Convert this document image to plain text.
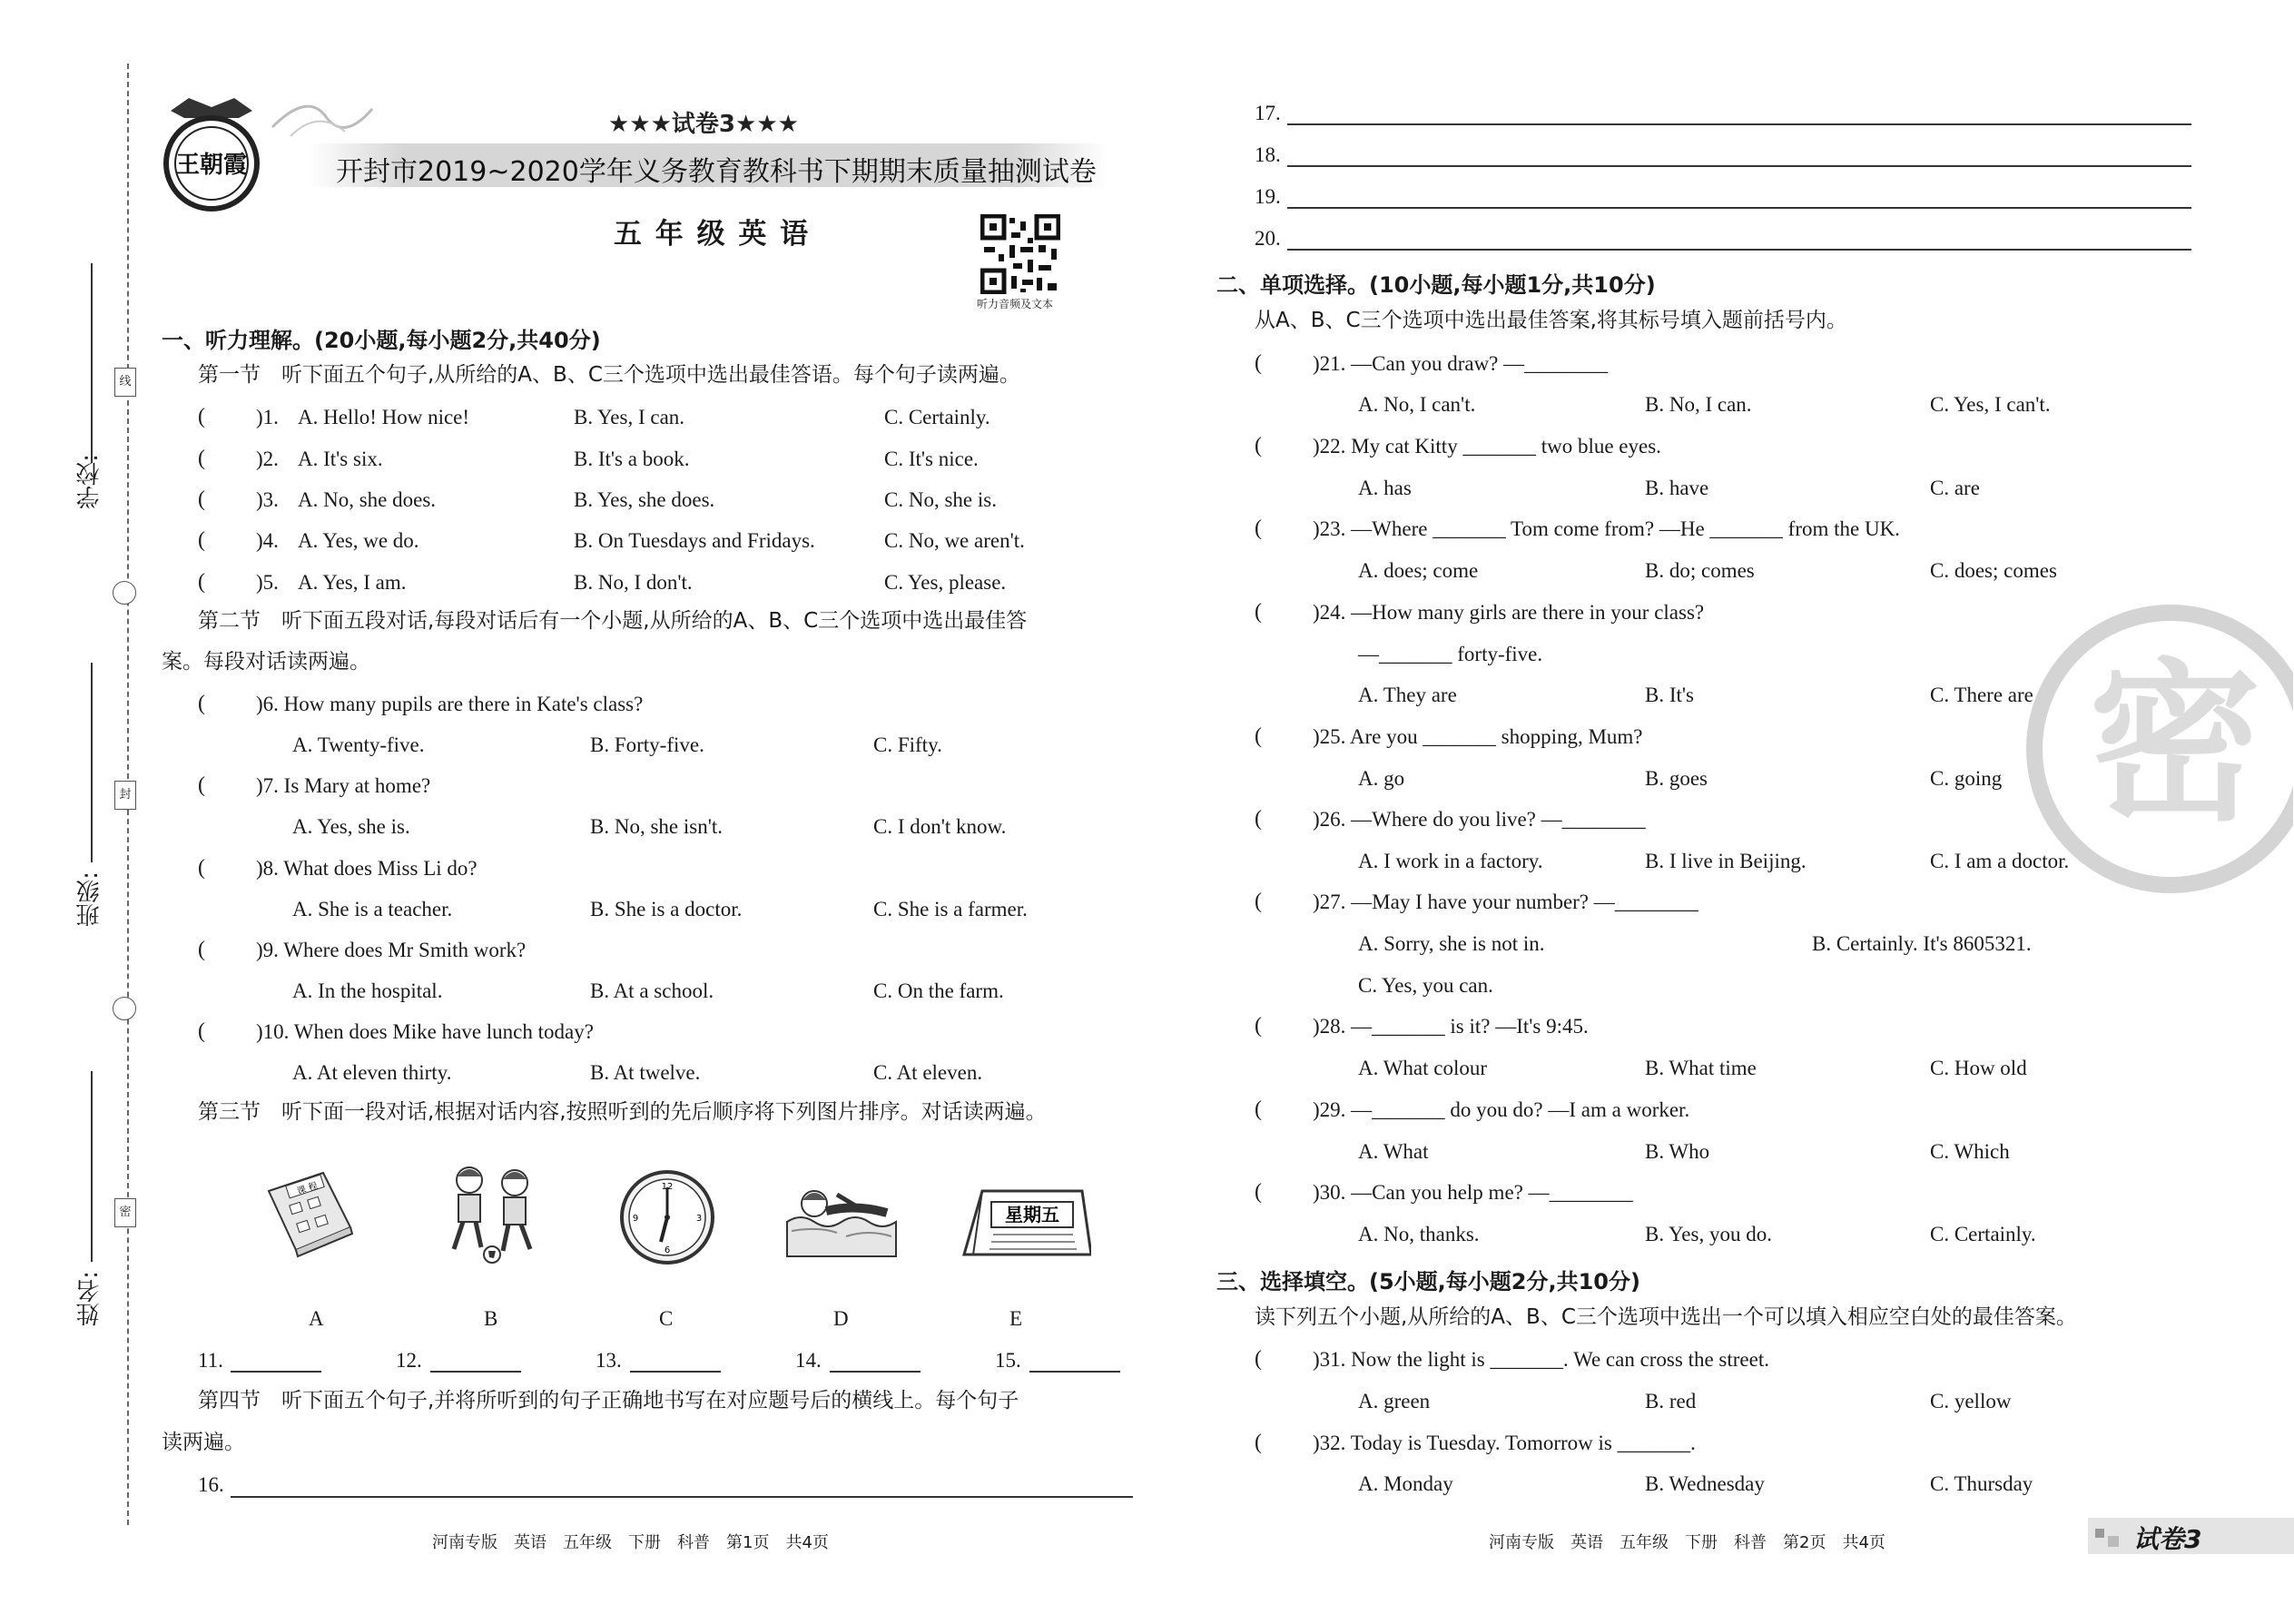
学校:
班级:
姓名:
线
封
密
王朝霞
★★★试卷3★★★
开封市2019~2020学年义务教育教科书下期期末质量抽测试卷
五 年 级 英 语
听力音频及文本
一、听力理解。(20小题,每小题2分,共40分)
第一节　听下面五个句子,从所给的A、B、C三个选项中选出最佳答语。每个句子读两遍。
( )1. A. Hello! How nice!	B. Yes, I can.	C. Certainly.
( )2. A. It's six.	B. It's a book.	C. It's nice.
( )3. A. No, she does.	B. Yes, she does.	C. No, she is.
( )4. A. Yes, we do.	B. On Tuesdays and Fridays.	C. No, we aren't.
( )5. A. Yes, I am.	B. No, I don't.	C. Yes, please.
第二节　听下面五段对话,每段对话后有一个小题,从所给的A、B、C三个选项中选出最佳答
案。每段对话读两遍。
( )6. How many pupils are there in Kate's class?
A. Twenty-five.	B. Forty-five.	C. Fifty.
( )7. Is Mary at home?
A. Yes, she is.	B. No, she isn't.	C. I don't know.
( )8. What does Miss Li do?
A. She is a teacher.	B. She is a doctor.	C. She is a farmer.
( )9. Where does Mr Smith work?
A. In the hospital.	B. At a school.	C. On the farm.
( )10. When does Mike have lunch today?
A. At eleven thirty.	B. At twelve.	C. At eleven.
第三节　听下面一段对话,根据对话内容,按照听到的先后顺序将下列图片排序。对话读两遍。
课 程	12
3
6
9	星期五
A	B	C	D	E
11.	12.	13.	14.	15.
第四节　听下面五个句子,并将所听到的句子正确地书写在对应题号后的横线上。每个句子
读两遍。
16.
河南专版　英语　五年级　下册　科普　第1页　共4页
17.
18.
19.
20.
密
二、单项选择。(10小题,每小题1分,共10分)
从A、B、C三个选项中选出最佳答案,将其标号填入题前括号内。
( )21. —Can you draw? —________
A. No, I can't.	B. No, I can.	C. Yes, I can't.
( )22. My cat Kitty _______ two blue eyes.
A. has	B. have	C. are
( )23. —Where _______ Tom come from? —He _______ from the UK.
A. does; come	B. do; comes	C. does; comes
( )24. —How many girls are there in your class?
—_______ forty-five.
A. They are	B. It's	C. There are
( )25. Are you _______ shopping, Mum?
A. go	B. goes	C. going
( )26. —Where do you live? —________
A. I work in a factory.	B. I live in Beijing.	C. I am a doctor.
( )27. —May I have your number? —________
A. Sorry, she is not in.	B. Certainly. It's 8605321.
C. Yes, you can.
( )28. —_______ is it? —It's 9:45.
A. What colour	B. What time	C. How old
( )29. —_______ do you do? —I am a worker.
A. What	B. Who	C. Which
( )30. —Can you help me? —________
A. No, thanks.	B. Yes, you do.	C. Certainly.
三、选择填空。(5小题,每小题2分,共10分)
读下列五个小题,从所给的A、B、C三个选项中选出一个可以填入相应空白处的最佳答案。
( )31. Now the light is _______. We can cross the street.
A. green	B. red	C. yellow
( )32. Today is Tuesday. Tomorrow is _______.
A. Monday	B. Wednesday	C. Thursday
河南专版　英语　五年级　下册　科普　第2页　共4页	试卷3
